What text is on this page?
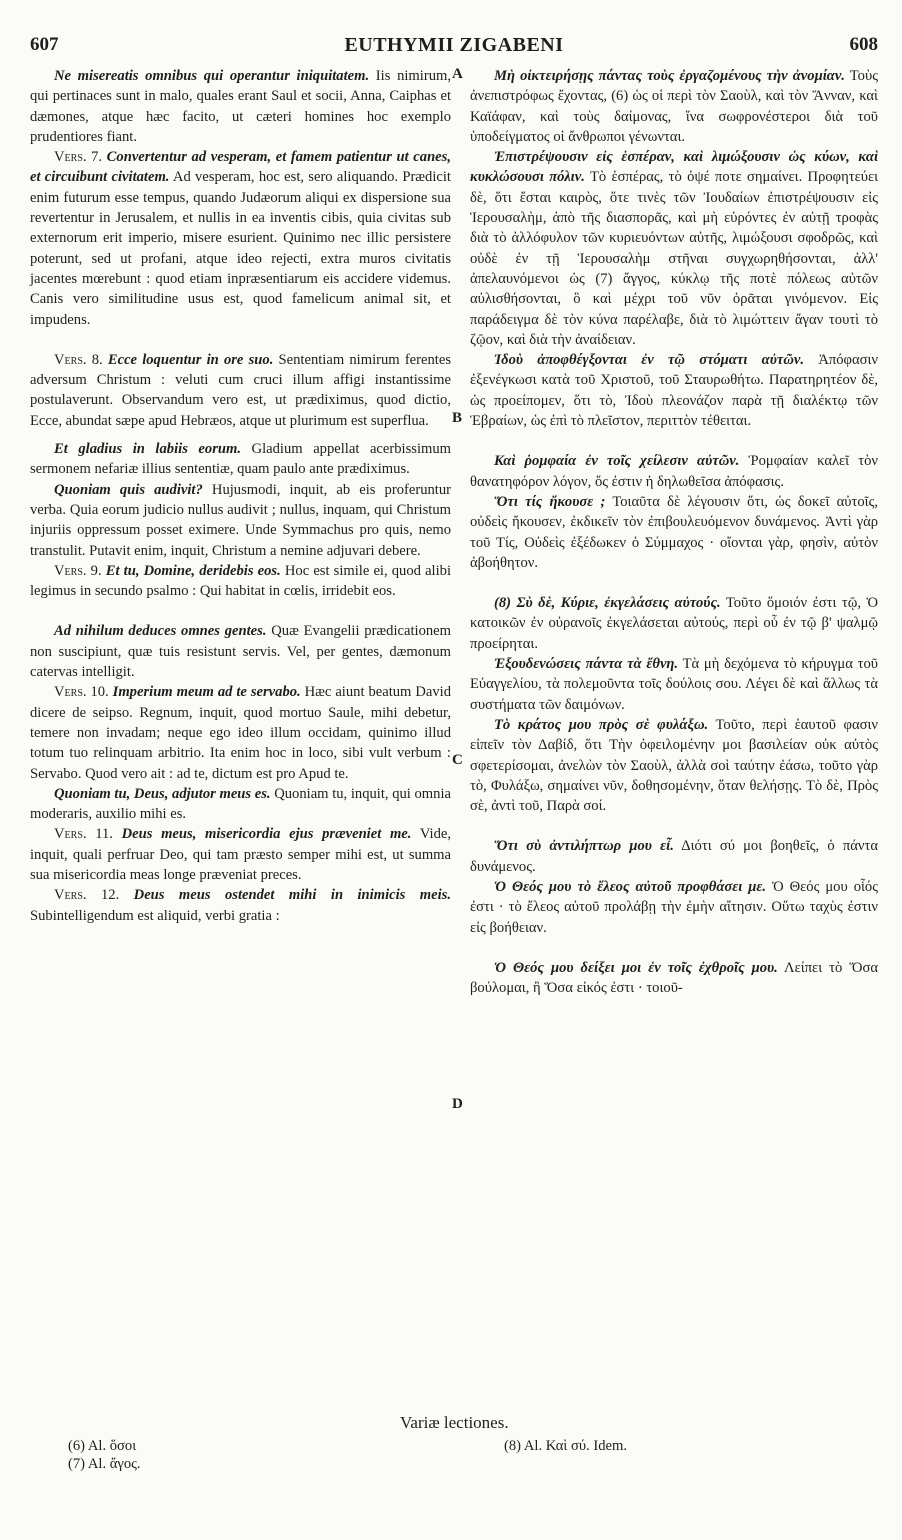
607	EUTHYMII ZIGABENI	608

Ne misereatis omnibus qui operantur iniquitatem. Iis nimirum, qui pertinaces sunt in malo, quales erant Saul et socii, Anna, Caiphas et dæmones, atque hæc facito, ut cæteri homines hoc exemplo prudentiores fiant.

Vers. 7. Convertentur ad vesperam, et famem patientur ut canes, et circuibunt civitatem. Ad vesperam, hoc est, sero aliquando. Prædicit enim futurum esse tempus, quando Judæorum aliqui ex dispersione sua revertentur in Jerusalem, et nullis in ea inventis cibis, quia civitas sub externorum erit imperio, misere esurient. Quinimo nec illic persistere poterunt, sed ut profani, atque ideo rejecti, extra muros civitatis jacentes mœrebunt : quod etiam inpræsentiarum eis accidere videmus. Canis vero similitudine usus est, quod famelicum animal sit, et impudens.

Vers. 8. Ecce loquentur in ore suo. Sententiam nimirum ferentes adversum Christum : veluti cum cruci illum affigi instantissime postulaverunt. Observandum vero est, ut prædiximus, quod dictio, Ecce, abundat sæpe apud Hebræos, atque ut plurimum est superflua.

Et gladius in labiis eorum. Gladium appellat acerbissimum sermonem nefariæ illius sententiæ, quam paulo ante prædiximus.

Quoniam quis audivit? Hujusmodi, inquit, ab eis proferuntur verba. Quia eorum judicio nullus audivit ; nullus, inquam, qui Christum injuriis oppressum posset eximere. Unde Symmachus pro quis, nemo transtulit. Putavit enim, inquit, Christum a nemine adjuvari debere.

Vers. 9. Et tu, Domine, deridebis eos. Hoc est simile ei, quod alibi legimus in secundo psalmo : Qui habitat in cœlis, irridebit eos.

Ad nihilum deduces omnes gentes. Quæ Evangelii prædicationem non suscipiunt, quæ tuis resistunt servis. Vel, per gentes, dæmonum catervas intelligit.

Vers. 10. Imperium meum ad te servabo. Hæc aiunt beatum David dicere de seipso. Regnum, inquit, quod mortuo Saule, mihi debetur, temere non invadam; neque ego ideo illum occidam, quinimo illud totum tuo relinquam arbitrio. Ita enim hoc in loco, sibi vult verbum : Servabo. Quod vero ait : ad te, dictum est pro Apud te.

Quoniam tu, Deus, adjutor meus es. Quoniam tu, inquit, qui omnia moderaris, auxilio mihi es.

Vers. 11. Deus meus, misericordia ejus præveniet me. Vide, inquit, quali perfruar Deo, qui tam præsto semper mihi est, ut summa sua misericordia meas longe præveniat preces.

Vers. 12. Deus meus ostendet mihi in inimicis meis. Subintelligendum est aliquid, verbi gratia :

Μὴ οἰκτειρήσῃς πάντας τοὺς ἐργαζομένους τὴν ἀνομίαν. Τοὺς ἀνεπιστρόφως ἔχοντας, (6) ὡς οἱ περὶ τὸν Σαοὺλ, καὶ τὸν Ἄνναν, καὶ Καϊάφαν, καὶ τοὺς δαίμονας, ἵνα σωφρονέστεροι διὰ τοῦ ὑποδείγματος οἱ ἄνθρωποι γένωνται.

Ἐπιστρέψουσιν εἰς ἑσπέραν, καὶ λιμώξουσιν ὡς κύων, καὶ κυκλώσουσι πόλιν. Τὸ ἑσπέρας, τὸ ὀψέ ποτε σημαίνει. Προφητεύει δὲ, ὅτι ἔσται καιρὸς, ὅτε τινὲς τῶν Ἰουδαίων ἐπιστρέψουσιν εἰς Ἱερουσαλὴμ, ἀπὸ τῆς διασπορᾶς, καὶ μὴ εὑρόντες ἐν αὐτῇ τροφὰς διὰ τὸ ἀλλόφυλον τῶν κυριευόντων αὐτῆς, λιμώξουσι σφοδρῶς, καὶ οὐδὲ ἐν τῇ Ἱερουσαλὴμ στῆναι συγχωρηθήσονται, ἀλλ' ἀπελαυνόμενοι ὡς (7) ἄγγος, κύκλῳ τῆς ποτὲ πόλεως αὐτῶν αὐλισθήσονται, ὃ καὶ μέχρι τοῦ νῦν ὁρᾶται γινόμενον. Εἰς παράδειγμα δὲ τὸν κύνα παρέλαβε, διὰ τὸ λιμώττειν ἄγαν τουτὶ τὸ ζῷον, καὶ διὰ τὴν ἀναίδειαν.

Ἰδοὺ ἀποφθέγξονται ἐν τῷ στόματι αὐτῶν. Ἀπόφασιν ἐξενέγκωσι κατὰ τοῦ Χριστοῦ, τοῦ Σταυρωθήτω. Παρατηρητέον δὲ, ὡς προείπομεν, ὅτι τὸ, Ἰδοὺ πλεονάζον παρὰ τῇ διαλέκτῳ τῶν Ἑβραίων, ὡς ἐπὶ τὸ πλεῖστον, περιττὸν τέθειται.

Καὶ ῥομφαία ἐν τοῖς χείλεσιν αὐτῶν. Ῥομφαίαν καλεῖ τὸν θανατηφόρον λόγον, ὅς ἐστιν ἡ δηλωθεῖσα ἀπόφασις.

Ὅτι τίς ἤκουσε ; Τοιαῦτα δὲ λέγουσιν ὅτι, ὡς δοκεῖ αὐτοῖς, οὐδεὶς ἤκουσεν, ἐκδικεῖν τὸν ἐπιβουλευόμενον δυνάμενος. Ἀντὶ γὰρ τοῦ Τίς, Οὐδεὶς ἐξέδωκεν ὁ Σύμμαχος · οἴονται γὰρ, φησὶν, αὐτὸν ἀβοήθητον.

(8) Σὺ δὲ, Κύριε, ἐκγελάσεις αὐτούς. Τοῦτο ὅμοιόν ἐστι τῷ, Ὁ κατοικῶν ἐν οὐρανοῖς ἐκγελάσεται αὐτούς, περὶ οὗ ἐν τῷ β' ψαλμῷ προείρηται.

Ἐξουδενώσεις πάντα τὰ ἔθνη. Τὰ μὴ δεχόμενα τὸ κήρυγμα τοῦ Εὐαγγελίου, τὰ πολεμοῦντα τοῖς δούλοις σου. Λέγει δὲ καὶ ἄλλως τὰ συστήματα τῶν δαιμόνων.

Τὸ κράτος μου πρὸς σὲ φυλάξω. Τοῦτο, περὶ ἑαυτοῦ φασιν εἰπεῖν τὸν Δαβίδ, ὅτι Τὴν ὀφειλομένην μοι βασιλείαν οὐκ αὐτὸς σφετερίσομαι, ἀνελὼν τὸν Σαοὺλ, ἀλλὰ σοὶ ταύτην ἐάσω, τοῦτο γὰρ τὸ, Φυλάξω, σημαίνει νῦν, δοθησομένην, ὅταν θελήσῃς. Τὸ δὲ, Πρὸς σὲ, ἀντὶ τοῦ, Παρὰ σοί.

Ὅτι σὺ ἀντιλήπτωρ μου εἶ. Διότι σύ μοι βοηθεῖς, ὁ πάντα δυνάμενος.

Ὁ Θεός μου τὸ ἔλεος αὐτοῦ προφθάσει με. Ὁ Θεός μου οἷός ἐστι · τὸ ἔλεος αὐτοῦ προλάβῃ τὴν ἐμὴν αἴτησιν. Οὕτω ταχὺς ἐστιν εἰς βοήθειαν.

Ὁ Θεός μου δείξει μοι ἐν τοῖς ἐχθροῖς μου. Λείπει τὸ Ὅσα βούλομαι, ἢ Ὅσα εἰκός ἐστι · τοιοῦ-

A
B
C
D
Variæ lectiones.
(6) Al. ὅσοι
(7) Al. ἄγος.
(8) Al. Καὶ σύ. Idem.
